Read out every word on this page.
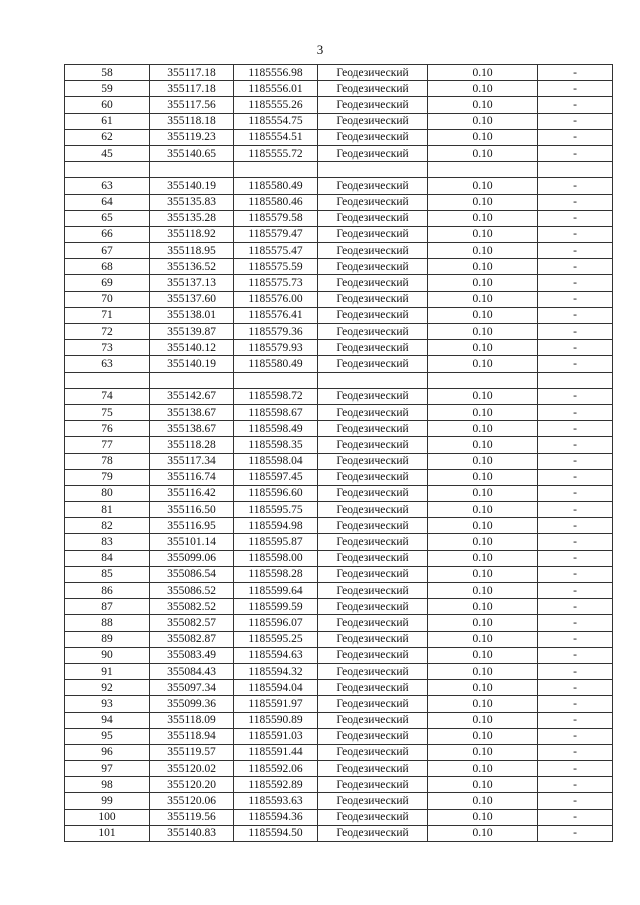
3
58	355117.18	1185556.98	Геодезический	0.10	-
59	355117.18	1185556.01	Геодезический	0.10	-
60	355117.56	1185555.26	Геодезический	0.10	-
61	355118.18	1185554.75	Геодезический	0.10	-
62	355119.23	1185554.51	Геодезический	0.10	-
45	355140.65	1185555.72	Геодезический	0.10	-

63	355140.19	1185580.49	Геодезический	0.10	-
64	355135.83	1185580.46	Геодезический	0.10	-
65	355135.28	1185579.58	Геодезический	0.10	-
66	355118.92	1185579.47	Геодезический	0.10	-
67	355118.95	1185575.47	Геодезический	0.10	-
68	355136.52	1185575.59	Геодезический	0.10	-
69	355137.13	1185575.73	Геодезический	0.10	-
70	355137.60	1185576.00	Геодезический	0.10	-
71	355138.01	1185576.41	Геодезический	0.10	-
72	355139.87	1185579.36	Геодезический	0.10	-
73	355140.12	1185579.93	Геодезический	0.10	-
63	355140.19	1185580.49	Геодезический	0.10	-

74	355142.67	1185598.72	Геодезический	0.10	-
75	355138.67	1185598.67	Геодезический	0.10	-
76	355138.67	1185598.49	Геодезический	0.10	-
77	355118.28	1185598.35	Геодезический	0.10	-
78	355117.34	1185598.04	Геодезический	0.10	-
79	355116.74	1185597.45	Геодезический	0.10	-
80	355116.42	1185596.60	Геодезический	0.10	-
81	355116.50	1185595.75	Геодезический	0.10	-
82	355116.95	1185594.98	Геодезический	0.10	-
83	355101.14	1185595.87	Геодезический	0.10	-
84	355099.06	1185598.00	Геодезический	0.10	-
85	355086.54	1185598.28	Геодезический	0.10	-
86	355086.52	1185599.64	Геодезический	0.10	-
87	355082.52	1185599.59	Геодезический	0.10	-
88	355082.57	1185596.07	Геодезический	0.10	-
89	355082.87	1185595.25	Геодезический	0.10	-
90	355083.49	1185594.63	Геодезический	0.10	-
91	355084.43	1185594.32	Геодезический	0.10	-
92	355097.34	1185594.04	Геодезический	0.10	-
93	355099.36	1185591.97	Геодезический	0.10	-
94	355118.09	1185590.89	Геодезический	0.10	-
95	355118.94	1185591.03	Геодезический	0.10	-
96	355119.57	1185591.44	Геодезический	0.10	-
97	355120.02	1185592.06	Геодезический	0.10	-
98	355120.20	1185592.89	Геодезический	0.10	-
99	355120.06	1185593.63	Геодезический	0.10	-
100	355119.56	1185594.36	Геодезический	0.10	-
101	355140.83	1185594.50	Геодезический	0.10	-
